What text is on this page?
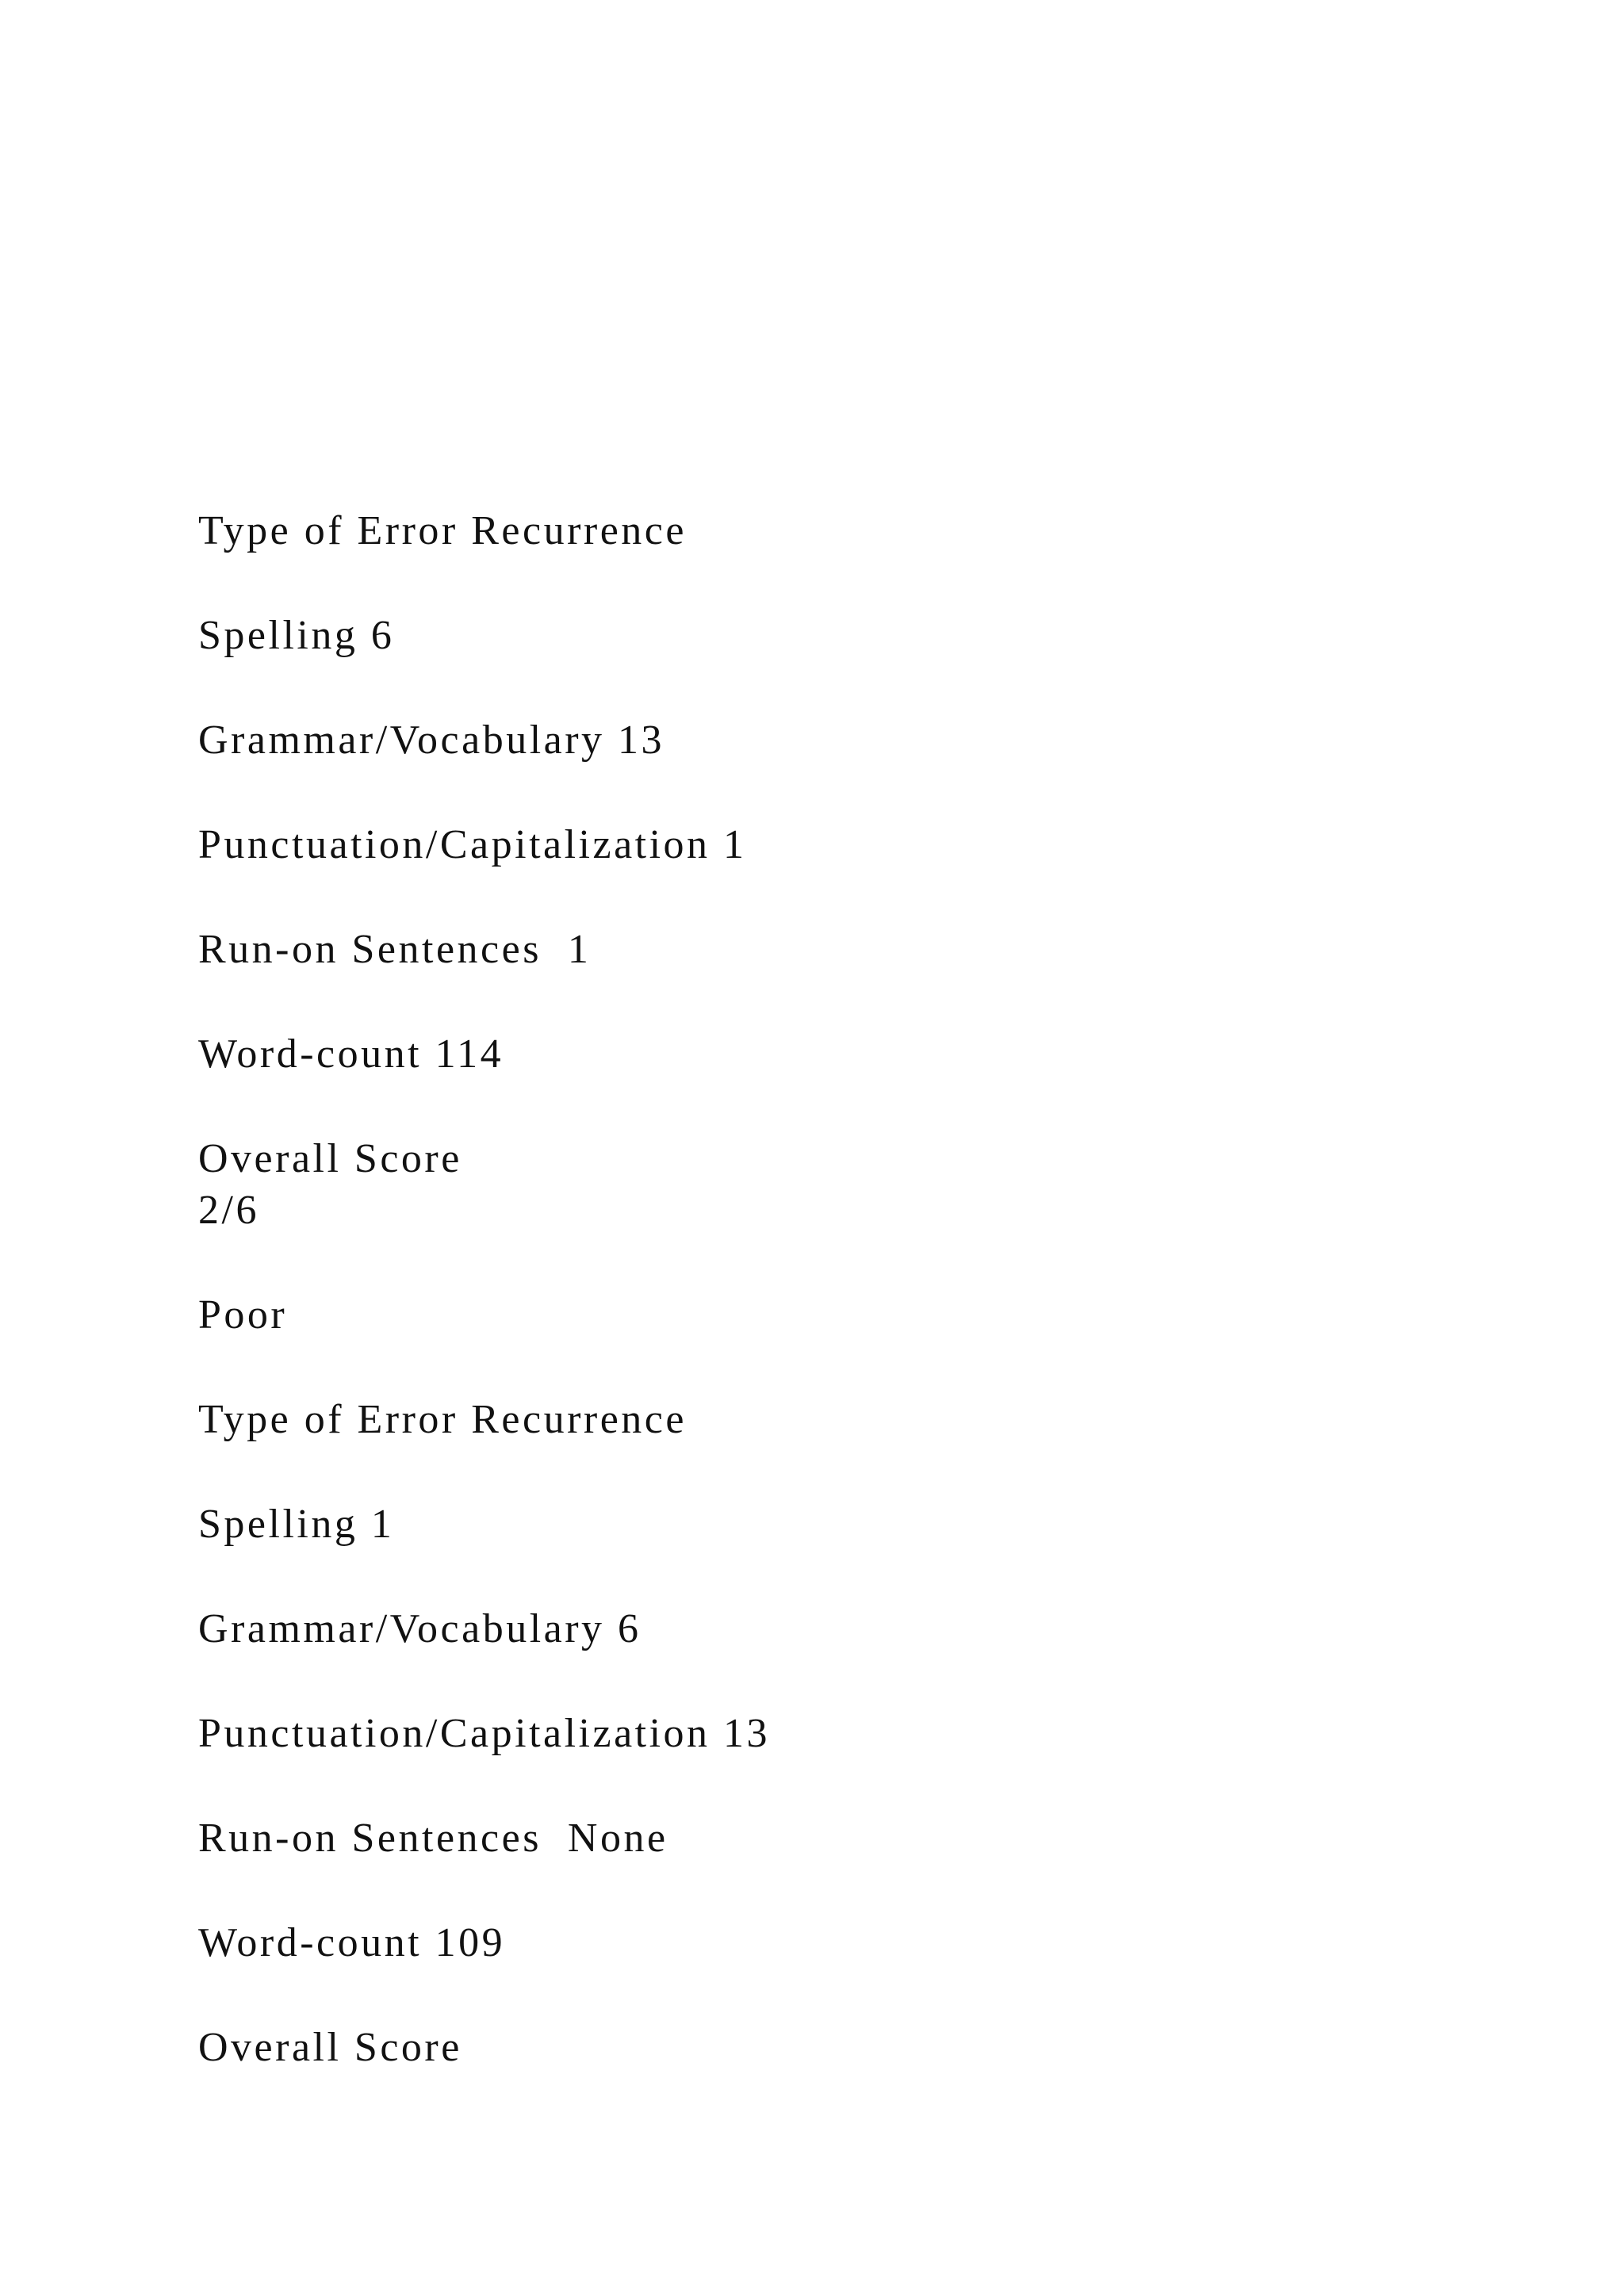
Type of Error Recurrence

Spelling 6

Grammar/Vocabulary 13

Punctuation/Capitalization 1

Run-on Sentences  1

Word-count 114

Overall Score

2/6

Poor

Type of Error Recurrence

Spelling 1

Grammar/Vocabulary 6

Punctuation/Capitalization 13

Run-on Sentences  None

Word-count 109

Overall Score
